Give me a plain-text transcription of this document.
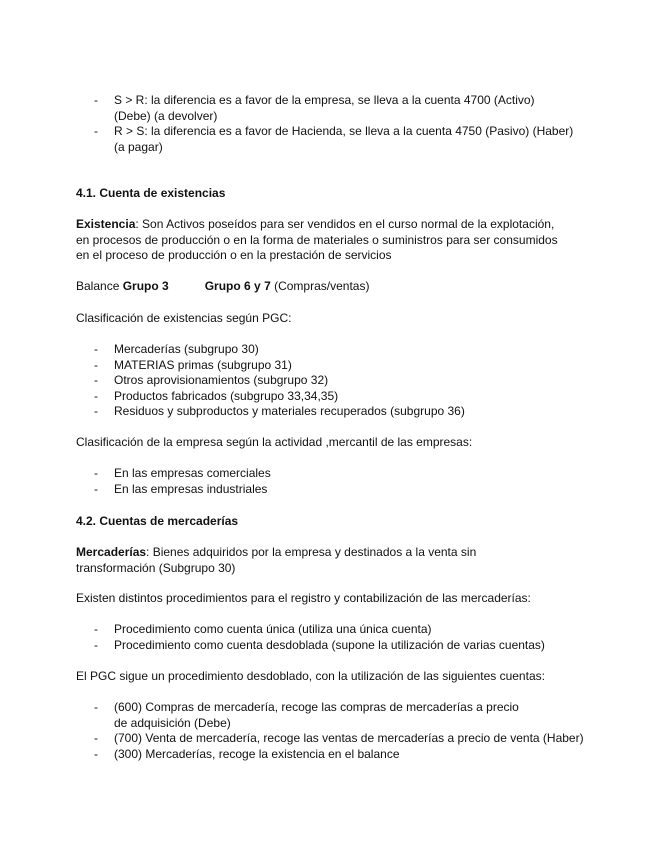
- S > R: la diferencia es a favor de la empresa, se lleva a la cuenta 4700 (Activo) (Debe) (a devolver)
- R > S: la diferencia es a favor de Hacienda, se lleva a la cuenta 4750 (Pasivo) (Haber) (a pagar)
4.1. Cuenta de existencias
Existencia: Son Activos poseídos para ser vendidos en el curso normal de la explotación, en procesos de producción o en la forma de materiales o suministros para ser consumidos en el proceso de producción o en la prestación de servicios
Balance Grupo 3	Grupo 6 y 7 (Compras/ventas)
Clasificación de existencias según PGC:
- Mercaderías (subgrupo 30)
- MATERIAS primas (subgrupo 31)
- Otros aprovisionamientos (subgrupo 32)
- Productos fabricados (subgrupo 33,34,35)
- Residuos y subproductos y materiales recuperados (subgrupo 36)
Clasificación de la empresa según la actividad ,mercantil de las empresas:
- En las empresas comerciales
- En las empresas industriales
4.2. Cuentas de mercaderías
Mercaderías: Bienes adquiridos por la empresa y destinados a la venta sin transformación (Subgrupo 30)
Existen distintos procedimientos para el registro y contabilización de las mercaderías:
- Procedimiento como cuenta única (utiliza una única cuenta)
- Procedimiento como cuenta desdoblada (supone la utilización de varias cuentas)
El PGC sigue un procedimiento desdoblado, con la utilización de las siguientes cuentas:
- (600) Compras de mercadería, recoge las compras de mercaderías a precio de adquisición (Debe)
- (700) Venta de mercadería, recoge las ventas de mercaderías a precio de venta (Haber)
- (300) Mercaderías, recoge la existencia en el balance
